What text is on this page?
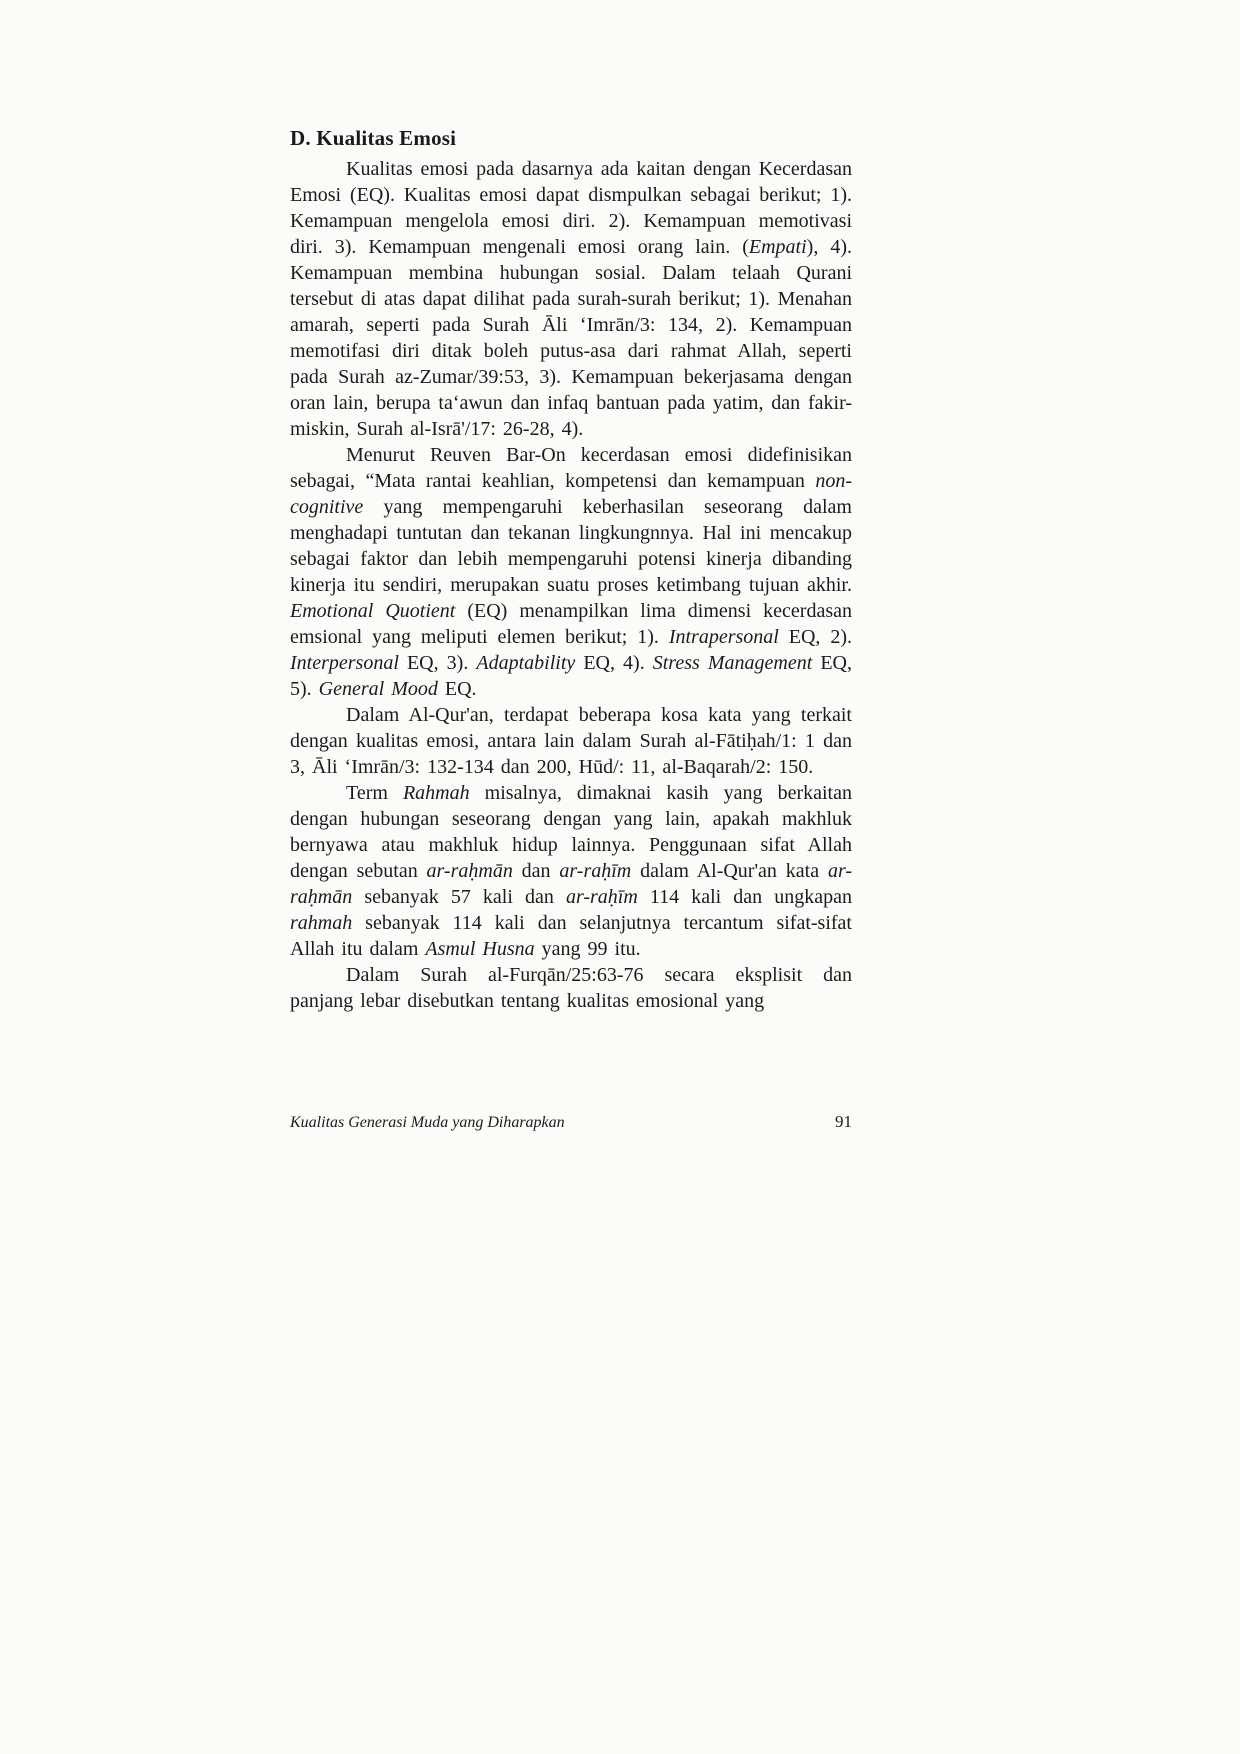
D. Kualitas Emosi

Kualitas emosi pada dasarnya ada kaitan dengan Kecerdasan Emosi (EQ). Kualitas emosi dapat dismpulkan sebagai berikut; 1). Kemampuan mengelola emosi diri. 2). Kemampuan memotivasi diri. 3). Kemampuan mengenali emosi orang lain. (Empati), 4). Kemampuan membina hubungan sosial. Dalam telaah Qurani tersebut di atas dapat dilihat pada surah-surah berikut; 1). Menahan amarah, seperti pada Surah Āli ‘Imrān/3: 134, 2). Kemampuan memotifasi diri ditak boleh putus-asa dari rahmat Allah, seperti pada Surah az-Zumar/39:53, 3). Kemampuan bekerjasama dengan oran lain, berupa ta‘awun dan infaq bantuan pada yatim, dan fakir-miskin, Surah al-Isrā'/17: 26-28, 4).

Menurut Reuven Bar-On kecerdasan emosi didefinisikan sebagai, “Mata rantai keahlian, kompetensi dan kemampuan non-cognitive yang mempengaruhi keberhasilan seseorang dalam menghadapi tuntutan dan tekanan lingkungnnya. Hal ini mencakup sebagai faktor dan lebih mempengaruhi potensi kinerja dibanding kinerja itu sendiri, merupakan suatu proses ketimbang tujuan akhir. Emotional Quotient (EQ) menampilkan lima dimensi kecerdasan emsional yang meliputi elemen berikut; 1). Intrapersonal EQ, 2). Interpersonal EQ, 3). Adaptability EQ, 4). Stress Management EQ, 5). General Mood EQ.

Dalam Al-Qur'an, terdapat beberapa kosa kata yang terkait dengan kualitas emosi, antara lain dalam Surah al-Fātiḥah/1: 1 dan 3, Āli ‘Imrān/3: 132-134 dan 200, Hūd/: 11, al-Baqarah/2: 150.

Term Rahmah misalnya, dimaknai kasih yang berkaitan dengan hubungan seseorang dengan yang lain, apakah makhluk bernyawa atau makhluk hidup lainnya. Penggunaan sifat Allah dengan sebutan ar-raḥmān dan ar-raḥīm dalam Al-Qur'an kata ar-raḥmān sebanyak 57 kali dan ar-raḥīm 114 kali dan ungkapan rahmah sebanyak 114 kali dan selanjutnya tercantum sifat-sifat Allah itu dalam Asmul Husna yang 99 itu.

Dalam Surah al-Furqān/25:63-76 secara eksplisit dan panjang lebar disebutkan tentang kualitas emosional yang

Kualitas Generasi Muda yang Diharapkan	91
